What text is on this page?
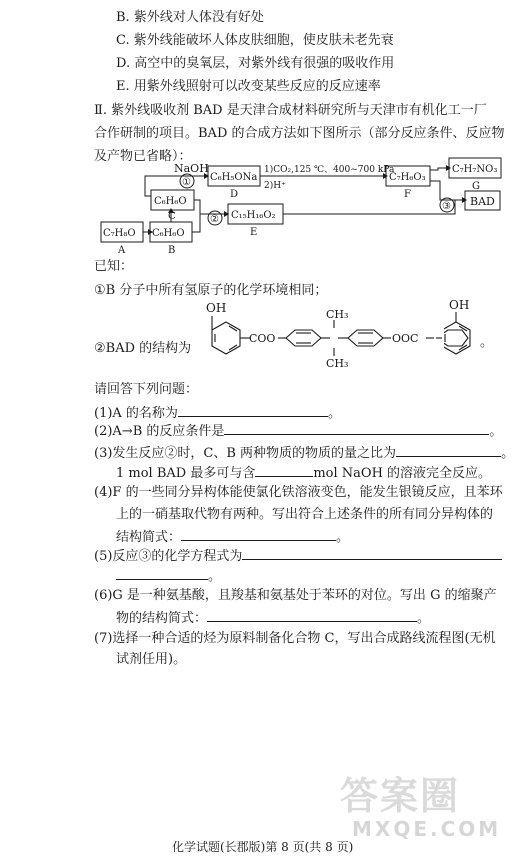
B. 紫外线对人体没有好处
C. 紫外线能破坏人体皮肤细胞，使皮肤未老先衰
D. 高空中的臭氧层，对紫外线有很强的吸收作用
E. 用紫外线照射可以改变某些反应的反应速率
Ⅱ. 紫外线吸收剂 BAD 是天津合成材料研究所与天津市有机化工一厂
合作研制的项目。BAD 的合成方法如下图所示（部分反应条件、反应物
及产物已省略）：
NaOH
①
②
③
1)CO₂,125 ℃、400~700 kPa
2)H⁺
C₇H₈O
A
C₆H₆O
B
C₆H₆O
C
C₆H₅ONa
D
C₁₅H₁₆O₂
E
C₇H₆O₃
F
C₇H₇NO₃
G
BAD
已知：
①B 分子中所有氢原子的化学环境相同；
②BAD 的结构为
OH	OH
COO	OOC
CH₃
CH₃
。
请回答下列问题：
(1)A 的名称为	。
(2)A→B 的反应条件是	。
(3)发生反应②时，C、B 两种物质的物质的量之比为	。
1 mol BAD 最多可与含	mol NaOH 的溶液完全反应。
(4)F 的一些同分异构体能使氯化铁溶液变色，能发生银镜反应，且苯环
上的一硝基取代物有两种。写出符合上述条件的所有同分异构体的
结构简式：	。
(5)反应③的化学方程式为
。
(6)G 是一种氨基酸，且羧基和氨基处于苯环的对位。写出 G 的缩聚产
物的结构简式：	。
(7)选择一种合适的烃为原料制备化合物 C，写出合成路线流程图(无机
试剂任用)。
答案圈
MXQE.COM
化学试题(长郡版)第 8 页(共 8 页)
